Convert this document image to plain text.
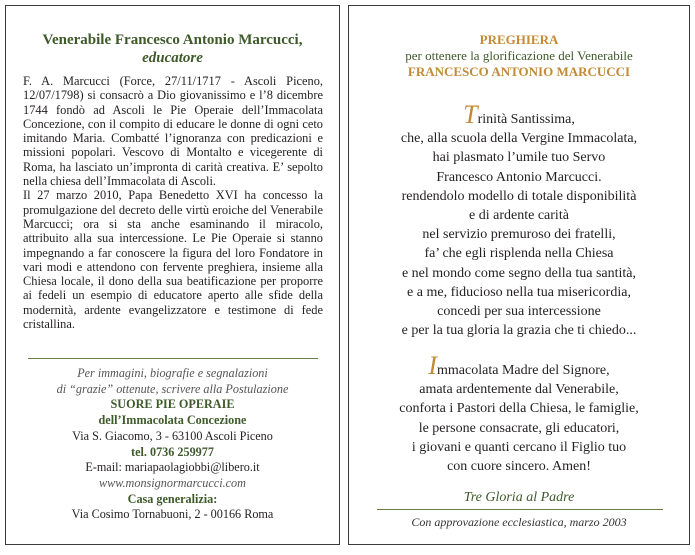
Venerabile Francesco Antonio Marcucci,
educatore

F. A. Marcucci (Force, 27/11/1717 - Ascoli Piceno, 12/07/1798) si consacrò a Dio giovanissimo e l’8 dicembre 1744 fondò ad Ascoli le Pie Operaie dell’Immacolata Concezione, con il compito di educare le donne di ogni ceto imitando Maria. Combatté l’ignoranza con predicazioni e missioni popolari. Vescovo di Montalto e vicegerente di Roma, ha lasciato un’impronta di carità creativa. E’ sepolto nella chiesa dell’Immacolata di Ascoli.

Il 27 marzo 2010, Papa Benedetto XVI ha concesso la promulgazione del decreto delle virtù eroiche del Venerabile Marcucci; ora si sta anche esaminando il miracolo, attribuito alla sua intercessione. Le Pie Operaie si stanno impegnando a far conoscere la figura del loro Fondatore in vari modi e attendono con fervente preghiera, insieme alla Chiesa locale, il dono della sua beatificazione per proporre ai fedeli un esempio di educatore aperto alle sfide della modernità, ardente evangelizzatore e testimone di fede cristallina.

Per immagini, biografie e segnalazioni
di “grazie” ottenute, scrivere alla Postulazione
SUORE PIE OPERAIE
dell’Immacolata Concezione
Via S. Giacomo, 3 - 63100 Ascoli Piceno
tel. 0736 259977
E-mail: mariapaolagiobbi@libero.it
www.monsignormarcucci.com
Casa generalizia:
Via Cosimo Tornabuoni, 2 - 00166 Roma
PREGHIERA
per ottenere la glorificazione del Venerabile
FRANCESCO ANTONIO MARCUCCI
Trinità Santissima,
che, alla scuola della Vergine Immacolata,
hai plasmato l’umile tuo Servo
Francesco Antonio Marcucci.
rendendolo modello di totale disponibilità
e di ardente carità
nel servizio premuroso dei fratelli,
fa’ che egli risplenda nella Chiesa
e nel mondo come segno della tua santità,
e a me, fiducioso nella tua misericordia,
concedi per sua intercessione
e per la tua gloria la grazia che ti chiedo...
Immacolata Madre del Signore,
amata ardentemente dal Venerabile,
conforta i Pastori della Chiesa, le famiglie,
le persone consacrate, gli educatori,
i giovani e quanti cercano il Figlio tuo
con cuore sincero. Amen!
Tre Gloria al Padre
Con approvazione ecclesiastica, marzo 2003
